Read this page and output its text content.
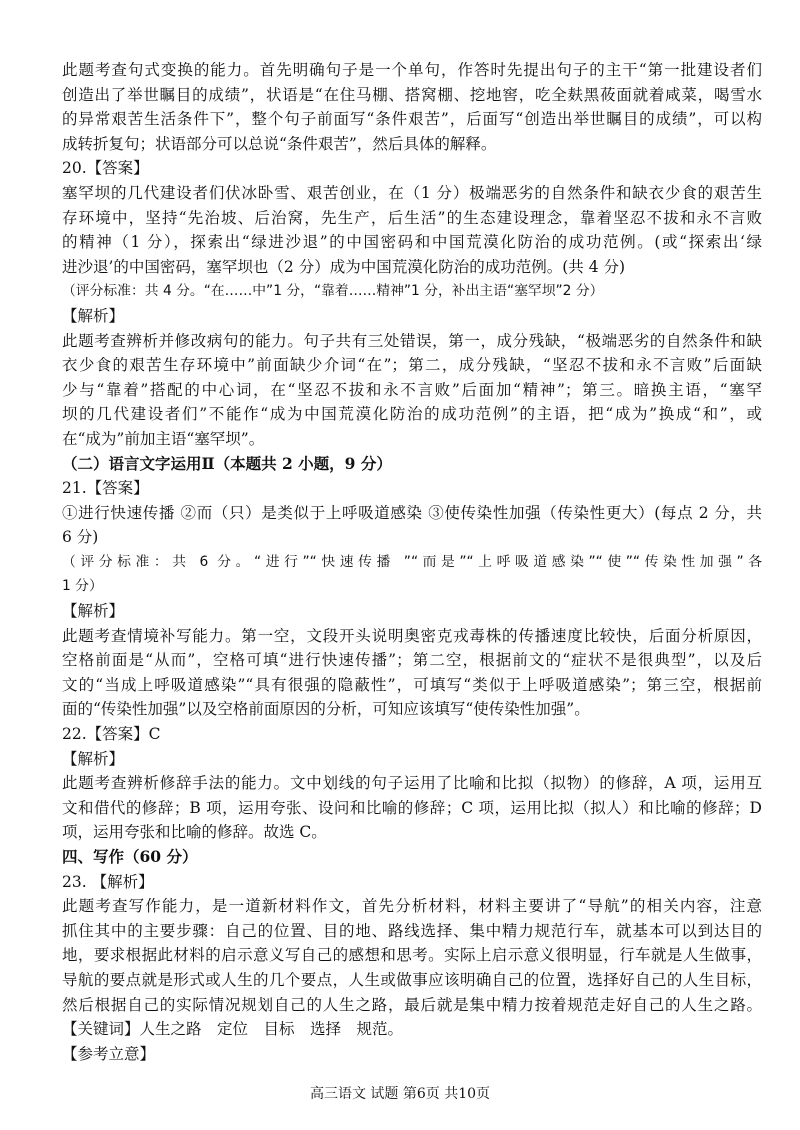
此题考查句式变换的能力。首先明确句子是一个单句，作答时先提出句子的主干“第一批建设者们
创造出了举世瞩目的成绩”，状语是“在住马棚、搭窝棚、挖地窖，吃全麸黑莜面就着咸菜，喝雪水
的异常艰苦生活条件下”，整个句子前面写“条件艰苦”，后面写“创造出举世瞩目的成绩”，可以构
成转折复句；状语部分可以总说“条件艰苦”，然后具体的解释。
20.【答案】
塞罕坝的几代建设者们伏冰卧雪、艰苦创业，在（1 分）极端恶劣的自然条件和缺衣少食的艰苦生
存环境中，坚持“先治坡、后治窝，先生产，后生活”的生态建设理念，靠着坚忍不拔和永不言败
的精神（1 分），探索出“绿进沙退”的中国密码和中国荒漠化防治的成功范例。(或“探索出‘绿
进沙退’的中国密码，塞罕坝也（2 分）成为中国荒漠化防治的成功范例。(共 4 分)
（评分标准：共 4 分。“在……中”1 分，“靠着……精神”1 分，补出主语“塞罕坝”2 分）
【解析】
此题考查辨析并修改病句的能力。句子共有三处错误，第一，成分残缺，“极端恶劣的自然条件和缺
衣少食的艰苦生存环境中”前面缺少介词“在”；第二，成分残缺，“坚忍不拔和永不言败”后面缺
少与“靠着”搭配的中心词，在“坚忍不拔和永不言败”后面加“精神”；第三。暗换主语，“塞罕
坝的几代建设者们”不能作“成为中国荒漠化防治的成功范例”的主语，把“成为”换成“和”，或
在“成为”前加主语“塞罕坝”。
（二）语言文字运用Ⅱ（本题共 2 小题，9 分）
21.【答案】
①进行快速传播 ②而（只）是类似于上呼吸道感染 ③使传染性加强（传染性更大）(每点 2 分，共
6 分)
（评分标准：共 6 分。“进行”“快速传播 ”“而是”“上呼吸道感染”“使”“传染性加强”各
1 分）
【解析】
此题考查情境补写能力。第一空，文段开头说明奥密克戎毒株的传播速度比较快，后面分析原因，
空格前面是“从而”，空格可填“进行快速传播”；第二空，根据前文的“症状不是很典型”，以及后
文的“当成上呼吸道感染”“具有很强的隐蔽性”，可填写“类似于上呼吸道感染”；第三空，根据前
面的“传染性加强”以及空格前面原因的分析，可知应该填写“使传染性加强”。
22.【答案】C
【解析】
此题考查辨析修辞手法的能力。文中划线的句子运用了比喻和比拟（拟物）的修辞，A 项，运用互
文和借代的修辞；B 项，运用夸张、设问和比喻的修辞；C 项，运用比拟（拟人）和比喻的修辞；D
项，运用夸张和比喻的修辞。故选 C。
四、写作（60 分）
23. 【解析】
此题考查写作能力，是一道新材料作文，首先分析材料，材料主要讲了“导航”的相关内容，注意
抓住其中的主要步骤：自己的位置、目的地、路线选择、集中精力规范行车，就基本可以到达目的
地，要求根据此材料的启示意义写自己的感想和思考。实际上启示意义很明显，行车就是人生做事，
导航的要点就是形式或人生的几个要点，人生或做事应该明确自己的位置，选择好自己的人生目标，
然后根据自己的实际情况规划自己的人生之路，最后就是集中精力按着规范走好自己的人生之路。
【关键词】人生之路　定位　目标　选择　规范。
【参考立意】
高三语文 试题 第6页 共10页
